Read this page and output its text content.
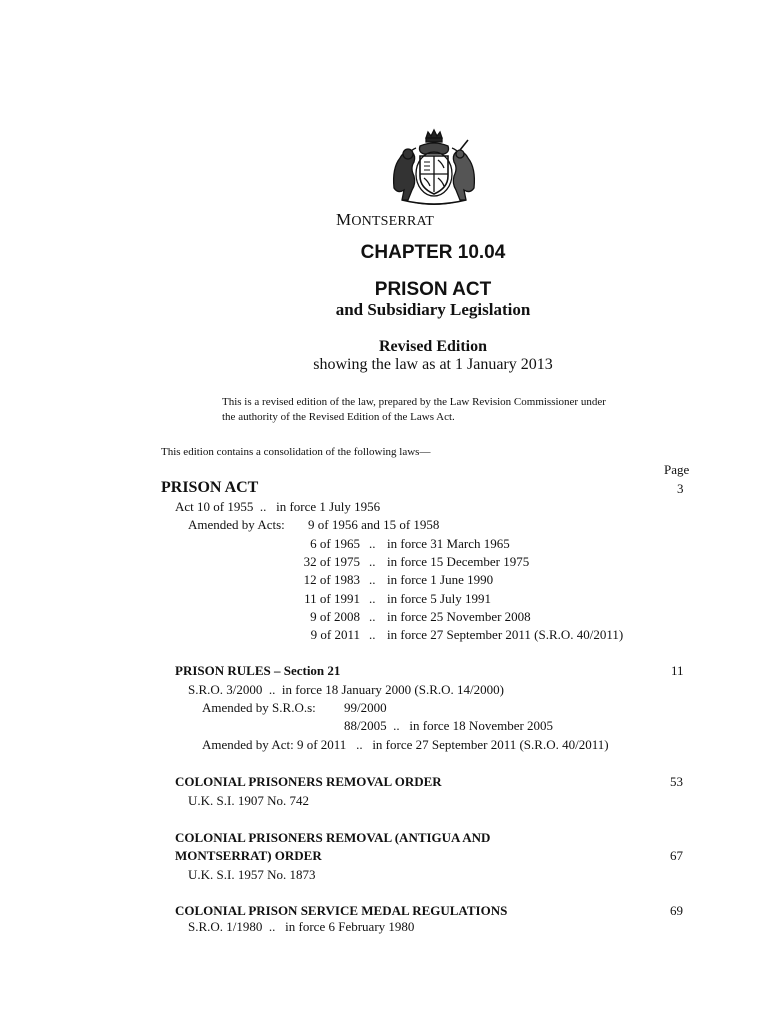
MONTSERRAT
CHAPTER 10.04
PRISON ACT
and Subsidiary Legislation
Revised Edition
showing the law as at 1 January 2013
This is a revised edition of the law, prepared by the Law Revision Commissioner under
the authority of the Revised Edition of the Laws Act.
This edition contains a consolidation of the following laws—
Page
PRISON ACT	3
Act 10 of 1955 .. in force 1 July 1956
Amended by Acts: 9 of 1956 and 15 of 1958
6 of 1965 .. in force 31 March 1965
32 of 1975 .. in force 15 December 1975
12 of 1983 .. in force 1 June 1990
11 of 1991 .. in force 5 July 1991
9 of 2008 .. in force 25 November 2008
9 of 2011 .. in force 27 September 2011 (S.R.O. 40/2011)
PRISON RULES – Section 21	11
S.R.O. 3/2000 .. in force 18 January 2000 (S.R.O. 14/2000)
Amended by S.R.O.s: 99/2000
88/2005 .. in force 18 November 2005
Amended by Act: 9 of 2011 .. in force 27 September 2011 (S.R.O. 40/2011)
COLONIAL PRISONERS REMOVAL ORDER	53
U.K. S.I. 1907 No. 742
COLONIAL PRISONERS REMOVAL (ANTIGUA AND
MONTSERRAT) ORDER	67
U.K. S.I. 1957 No. 1873
COLONIAL PRISON SERVICE MEDAL REGULATIONS	69
S.R.O. 1/1980 .. in force 6 February 1980
